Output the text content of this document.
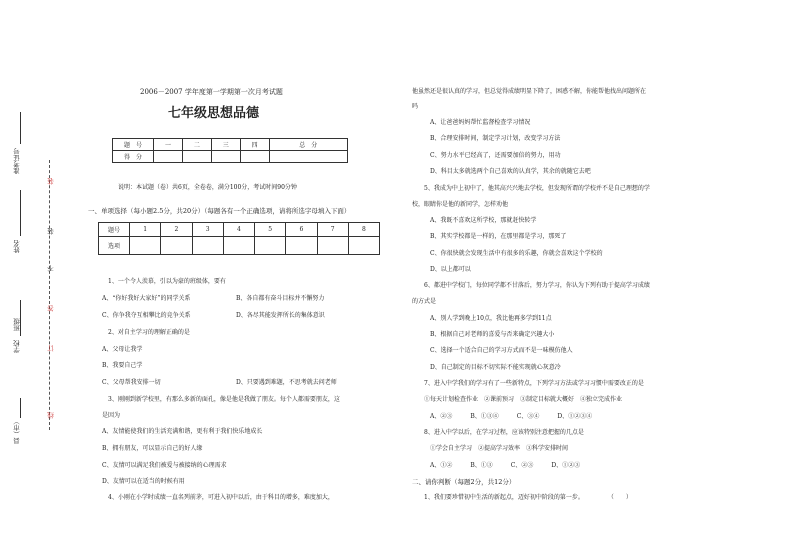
县（市）
学校
班级
姓名
准考证号
装
装
不
答
订
线
2006－2007 学年度第一学期第一次月考试题
七年级思想品德
题　号	一	二	三	四	总　分
得　分					
说明：本试题（卷）共6页，全卷卷，满分100分，考试时间90分钟
一、单项选择（每小题2.5分，共20分）（每题各有一个正确选项，请将所选字母填入下面）
题号	1	2	3	4	5	6	7	8
选项								
1、一个令人羡慕，引以为豪的班级体，要有
A、“你好我好大家好”的同学关系	B、各自都有奋斗目标并不懈努力
C、你争我夺互相攀比的竞争关系	D、各尽其能发挥所长的集体意识
2、对自主学习的理解正确的是
A、父母让我学
B、我要自己学
C、父母帮我安排一切	D、只要遇到难题，不思考就去问老师
3、刚刚到新学校里，有那么多新的面孔，像是他是我做了朋友。每个人都需要朋友，这
是因为
A、友情能使我们的生活充满和谐，更有利于我们快乐地成长
B、拥有朋友，可以显示自己的好人缘
C、友情可以满足我们被爱与被接纳的心理需求
D、友情可以在适当的时候有用
4、小刚在小学时成绩一直名列前茅，可进入初中以后，由于科目的增多，难度加大，
他虽然还是很认真的学习，但总觉得成绩明显下降了，困惑不解，你能帮他找出问题所在
吗
A、让爸爸妈妈帮忙监督检查学习情况
B、合理安排时间，制定学习计划，改变学习方法
C、努力水平已经高了，还需要加倍的努力，用功
D、科目太多就选两个自己喜欢的认真学，其余的就随它去吧
5、我成为中上初中了，他其高兴兴地去学校，但发现所谓的学校并不是自己理想的学
校，眼睛你是他的新同学，怎样劝他
A、我既不喜欢这所学校，那就赶快转学
B、其实学校都是一样的，在那里都是学习，那死了
C、你很快就会发现生活中有很多的乐趣，你就会喜欢这个学校的
D、以上都可以
6、都进中学校门，每位同学都不甘落后，努力学习，你认为下列有助于提高学习成绩
的方式是
A、别人学到晚上10点，我比他再多学到11点
B、根据自己对老师的喜爱与否来确定兴趣大小
C、选择一个适合自己的学习方式而不是一味模仿他人
D、自己制定的目标不切实际不能实现就心灰意冷
7、进入中学我们的学习有了一些新特点，下列学习方法或学习习惯中需要改正的是
①每天计划检查作业　②课前预习　③制定目标就大概好　④独立完成作业
A、②③　　　B、①③④　　　C、③④　　　D、①②③④
8、进入中学以后，在学习过程，应该特别注意把握的几点是
①学会自主学习　②提高学习效率　③科学安排时间
A、①②　　　B、①③　　　C、②③　　　D、①②③
二、请你判断（每题2分，共12分）
1、我们要珍惜初中生活的新起点，迈好初中阶段的第一步。　　　　　（　　）
